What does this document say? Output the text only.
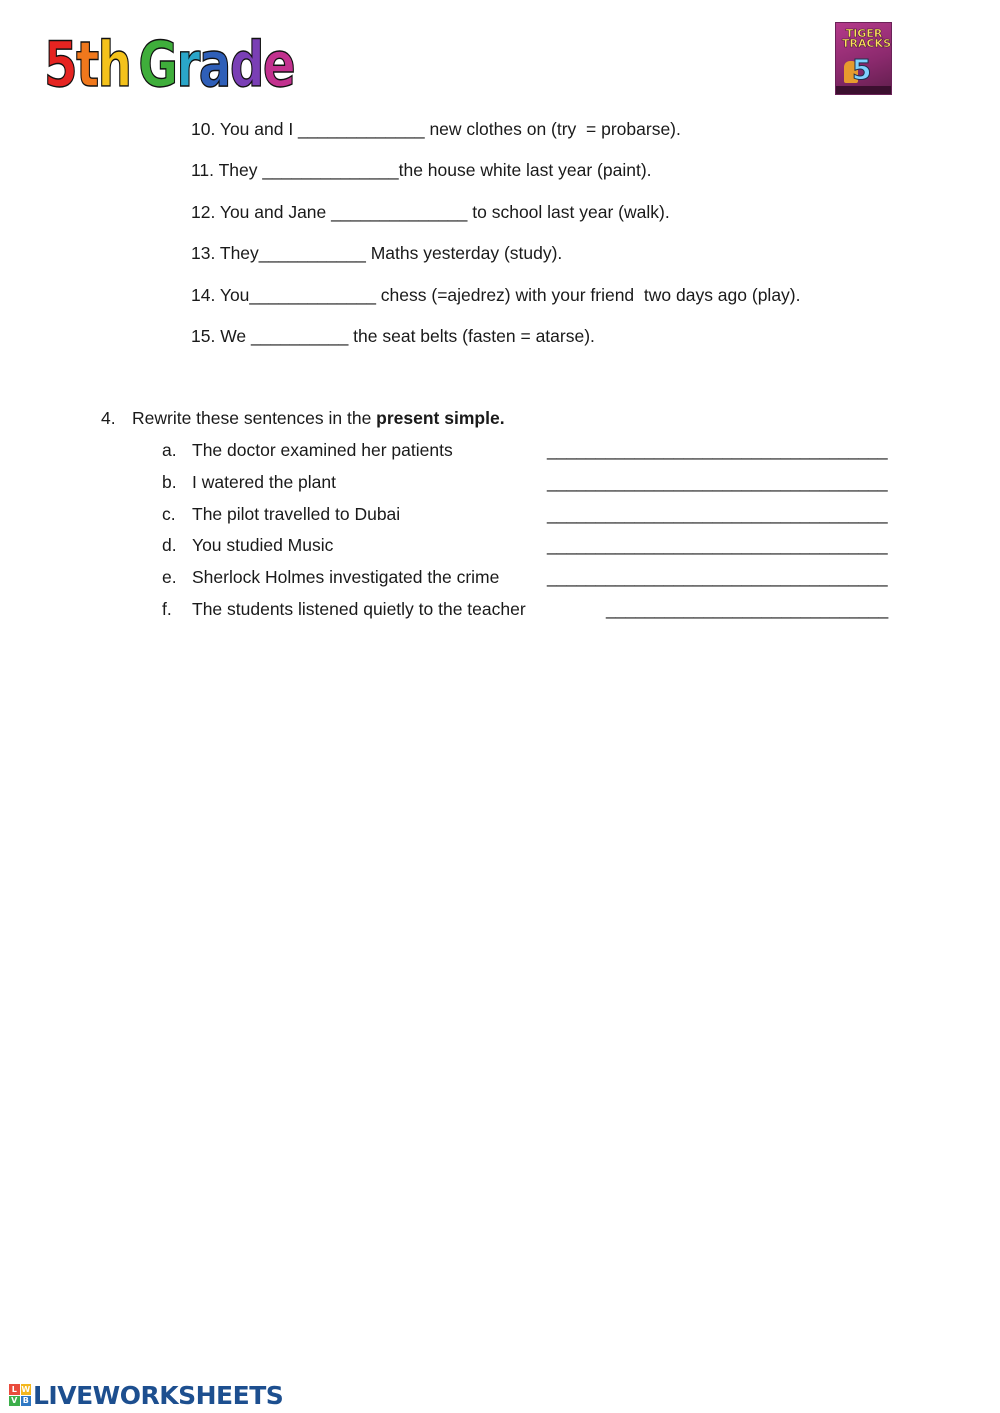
5 t h G r a d e	TIGER TRACKS
5
10. You and I _____________ new clothes on (try  = probarse).
11. They ______________the house white last year (paint).
12. You and Jane ______________ to school last year (walk).
13. They___________ Maths yesterday (study).
14. You_____________ chess (=ajedrez) with your friend  two days ago (play).
15. We __________ the seat belts (fasten = atarse).
4. Rewrite these sentences in the present simple.
a. The doctor examined her patients	___________________________________
b. I watered the plant	___________________________________
c. The pilot travelled to Dubai	___________________________________
d. You studied Music	___________________________________
e. Sherlock Holmes investigated the crime	___________________________________
f. The students listened quietly to the teacher	_____________________________
L W
V B LIVEWORKSHEETS
